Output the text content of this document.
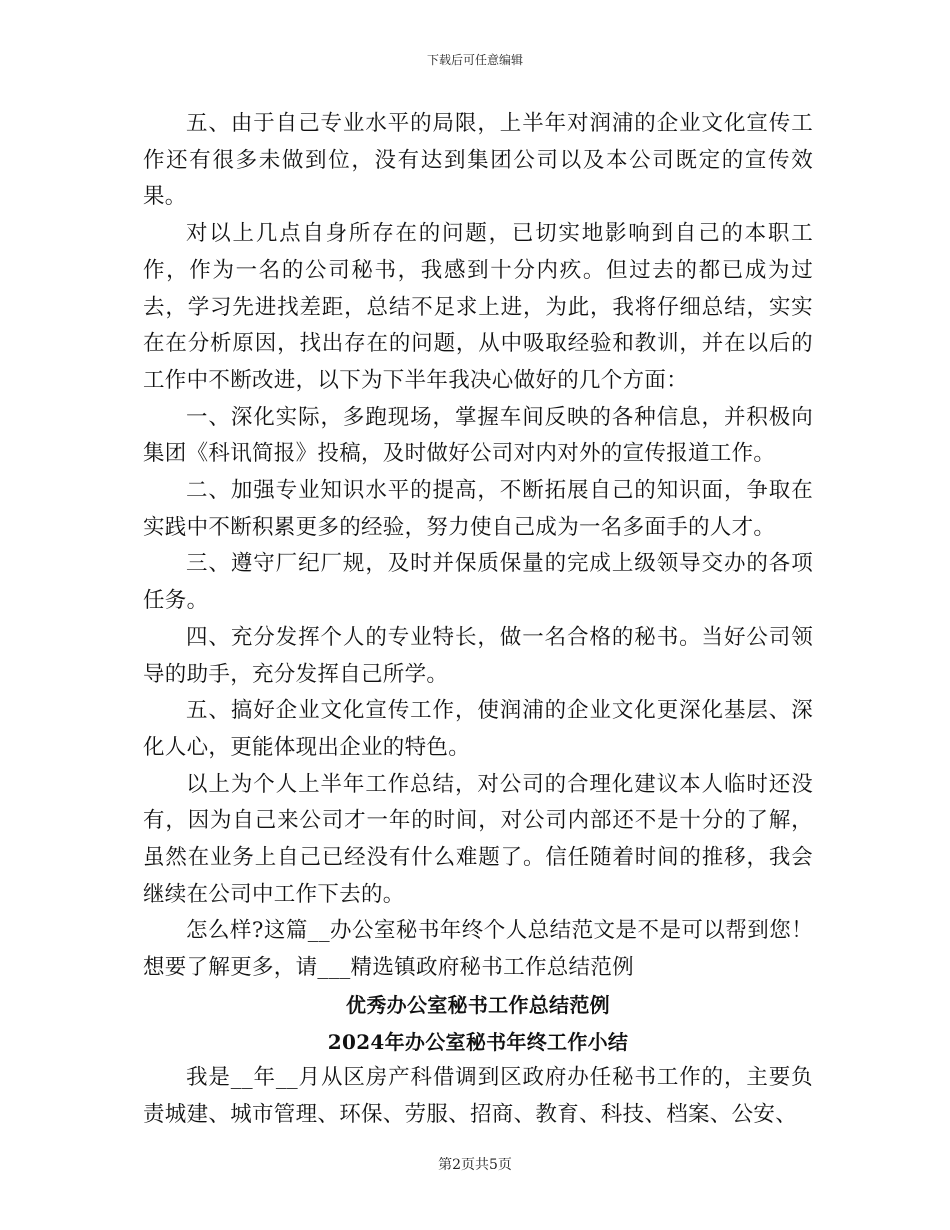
下载后可任意编辑

五、由于自己专业水平的局限，上半年对润浦的企业文化宣传工作还有很多未做到位，没有达到集团公司以及本公司既定的宣传效果。

对以上几点自身所存在的问题，已切实地影响到自己的本职工作，作为一名的公司秘书，我感到十分内疚。但过去的都已成为过去，学习先进找差距，总结不足求上进，为此，我将仔细总结，实实在在分析原因，找出存在的问题，从中吸取经验和教训，并在以后的工作中不断改进，以下为下半年我决心做好的几个方面：

一、深化实际，多跑现场，掌握车间反映的各种信息，并积极向集团《科讯简报》投稿，及时做好公司对内对外的宣传报道工作。

二、加强专业知识水平的提高，不断拓展自己的知识面，争取在实践中不断积累更多的经验，努力使自己成为一名多面手的人才。

三、遵守厂纪厂规，及时并保质保量的完成上级领导交办的各项任务。

四、充分发挥个人的专业特长，做一名合格的秘书。当好公司领导的助手，充分发挥自己所学。

五、搞好企业文化宣传工作，使润浦的企业文化更深化基层、深化人心，更能体现出企业的特色。

以上为个人上半年工作总结，对公司的合理化建议本人临时还没有，因为自己来公司才一年的时间，对公司内部还不是十分的了解，虽然在业务上自己已经没有什么难题了。信任随着时间的推移，我会继续在公司中工作下去的。

怎么样?这篇__办公室秘书年终个人总结范文是不是可以帮到您！想要了解更多，请___精选镇政府秘书工作总结范例

优秀办公室秘书工作总结范例

2024年办公室秘书年终工作小结

我是__年__月从区房产科借调到区政府办任秘书工作的，主要负责城建、城市管理、环保、劳服、招商、教育、科技、档案、公安、

第2页共5页
